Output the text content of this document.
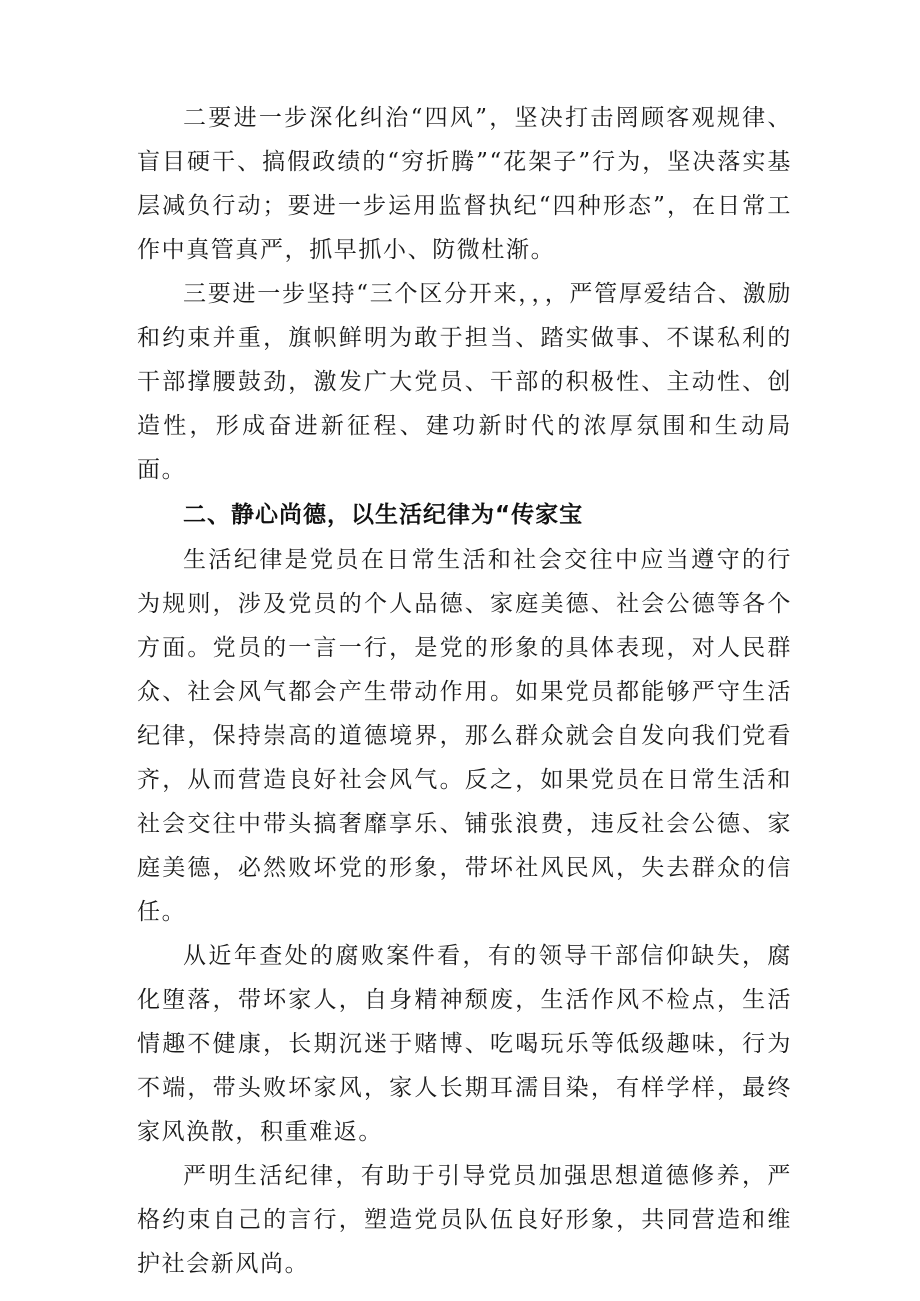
二要进一步深化纠治“四风”，坚决打击罔顾客观规律、盲目硬干、搞假政绩的“穷折腾”“花架子”行为，坚决落实基层减负行动；要进一步运用监督执纪“四种形态”，在日常工作中真管真严，抓早抓小、防微杜渐。

三要进一步坚持“三个区分开来，，，严管厚爱结合、激励和约束并重，旗帜鲜明为敢于担当、踏实做事、不谋私利的干部撑腰鼓劲，激发广大党员、干部的积极性、主动性、创造性，形成奋进新征程、建功新时代的浓厚氛围和生动局面。

二、静心尚德，以生活纪律为“传家宝

生活纪律是党员在日常生活和社会交往中应当遵守的行为规则，涉及党员的个人品德、家庭美德、社会公德等各个方面。党员的一言一行，是党的形象的具体表现，对人民群众、社会风气都会产生带动作用。如果党员都能够严守生活纪律，保持崇高的道德境界，那么群众就会自发向我们党看齐，从而营造良好社会风气。反之，如果党员在日常生活和社会交往中带头搞奢靡享乐、铺张浪费，违反社会公德、家庭美德，必然败坏党的形象，带坏社风民风，失去群众的信任。

从近年查处的腐败案件看，有的领导干部信仰缺失，腐化堕落，带坏家人，自身精神颓废，生活作风不检点，生活情趣不健康，长期沉迷于赌博、吃喝玩乐等低级趣味，行为不端，带头败坏家风，家人长期耳濡目染，有样学样，最终家风涣散，积重难返。

严明生活纪律，有助于引导党员加强思想道德修养，严格约束自己的言行，塑造党员队伍良好形象，共同营造和维护社会新风尚。
